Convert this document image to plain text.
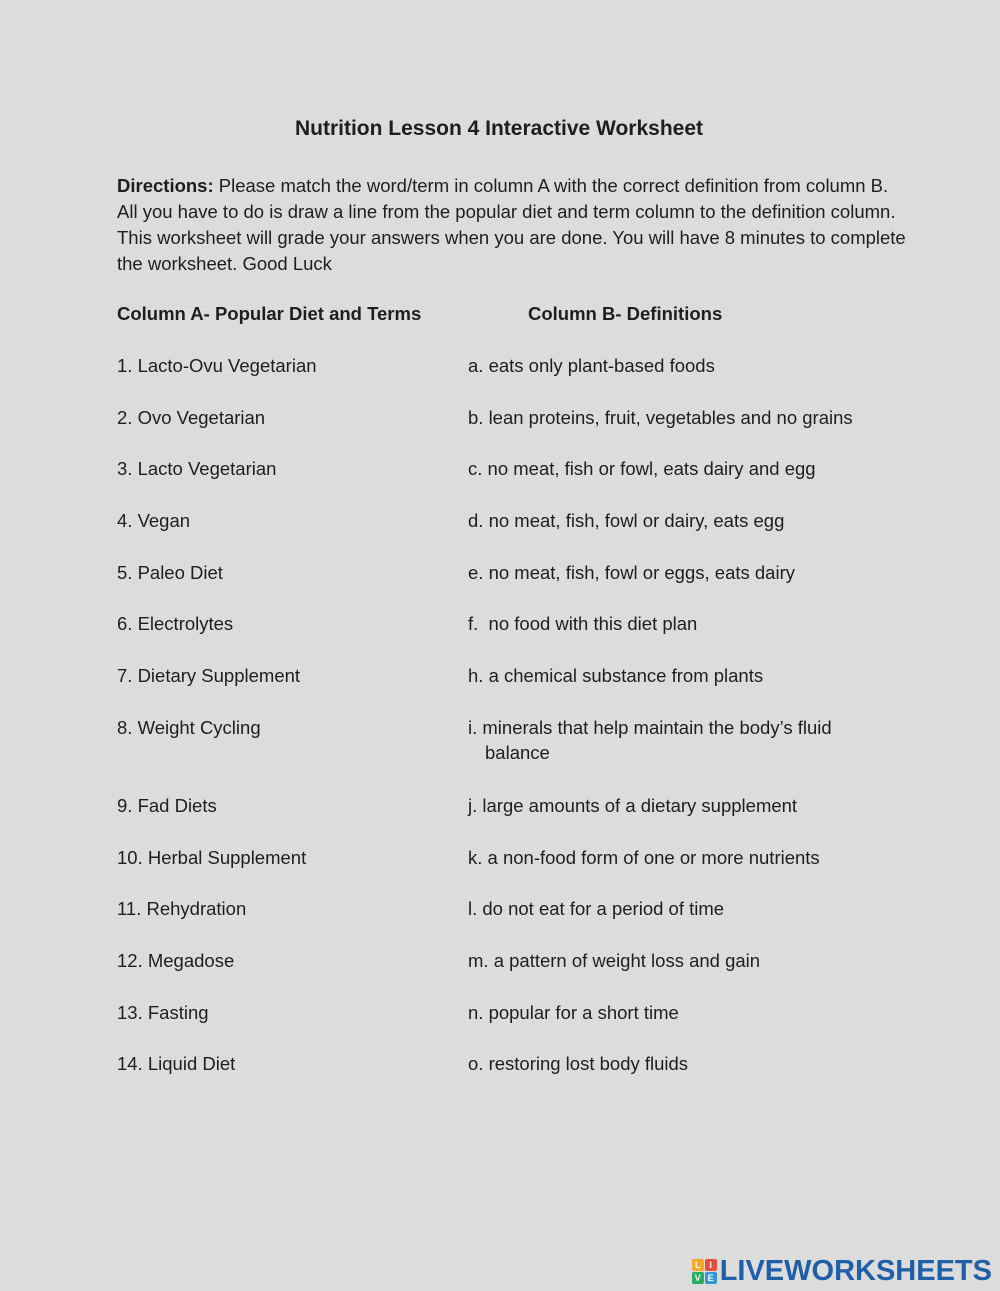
Nutrition Lesson 4 Interactive Worksheet

Directions: Please match the word/term in column A with the correct definition from column B. All you have to do is draw a line from the popular diet and term column to the definition column. This worksheet will grade your answers when you are done. You will have 8 minutes to complete the worksheet. Good Luck

Column A- Popular Diet and Terms	Column B- Definitions
1. Lacto-Ovu Vegetarian
2. Ovo Vegetarian
3. Lacto Vegetarian
4. Vegan
5. Paleo Diet
6. Electrolytes
7. Dietary Supplement
8. Weight Cycling
9. Fad Diets
10. Herbal Supplement
11. Rehydration
12. Megadose
13. Fasting
14. Liquid Diet
a. eats only plant-based foods
b. lean proteins, fruit, vegetables and no grains
c. no meat, fish or fowl, eats dairy and egg
d. no meat, fish, fowl or dairy, eats egg
e. no meat, fish, fowl or eggs, eats dairy
f.  no food with this diet plan
h. a chemical substance from plants
i. minerals that help maintain the body’s fluid
balance
j. large amounts of a dietary supplement
k. a non-food form of one or more nutrients
l. do not eat for a period of time
m. a pattern of weight loss and gain
n. popular for a short time
o. restoring lost body fluids
L I
V E LIVEWORKSHEETS
